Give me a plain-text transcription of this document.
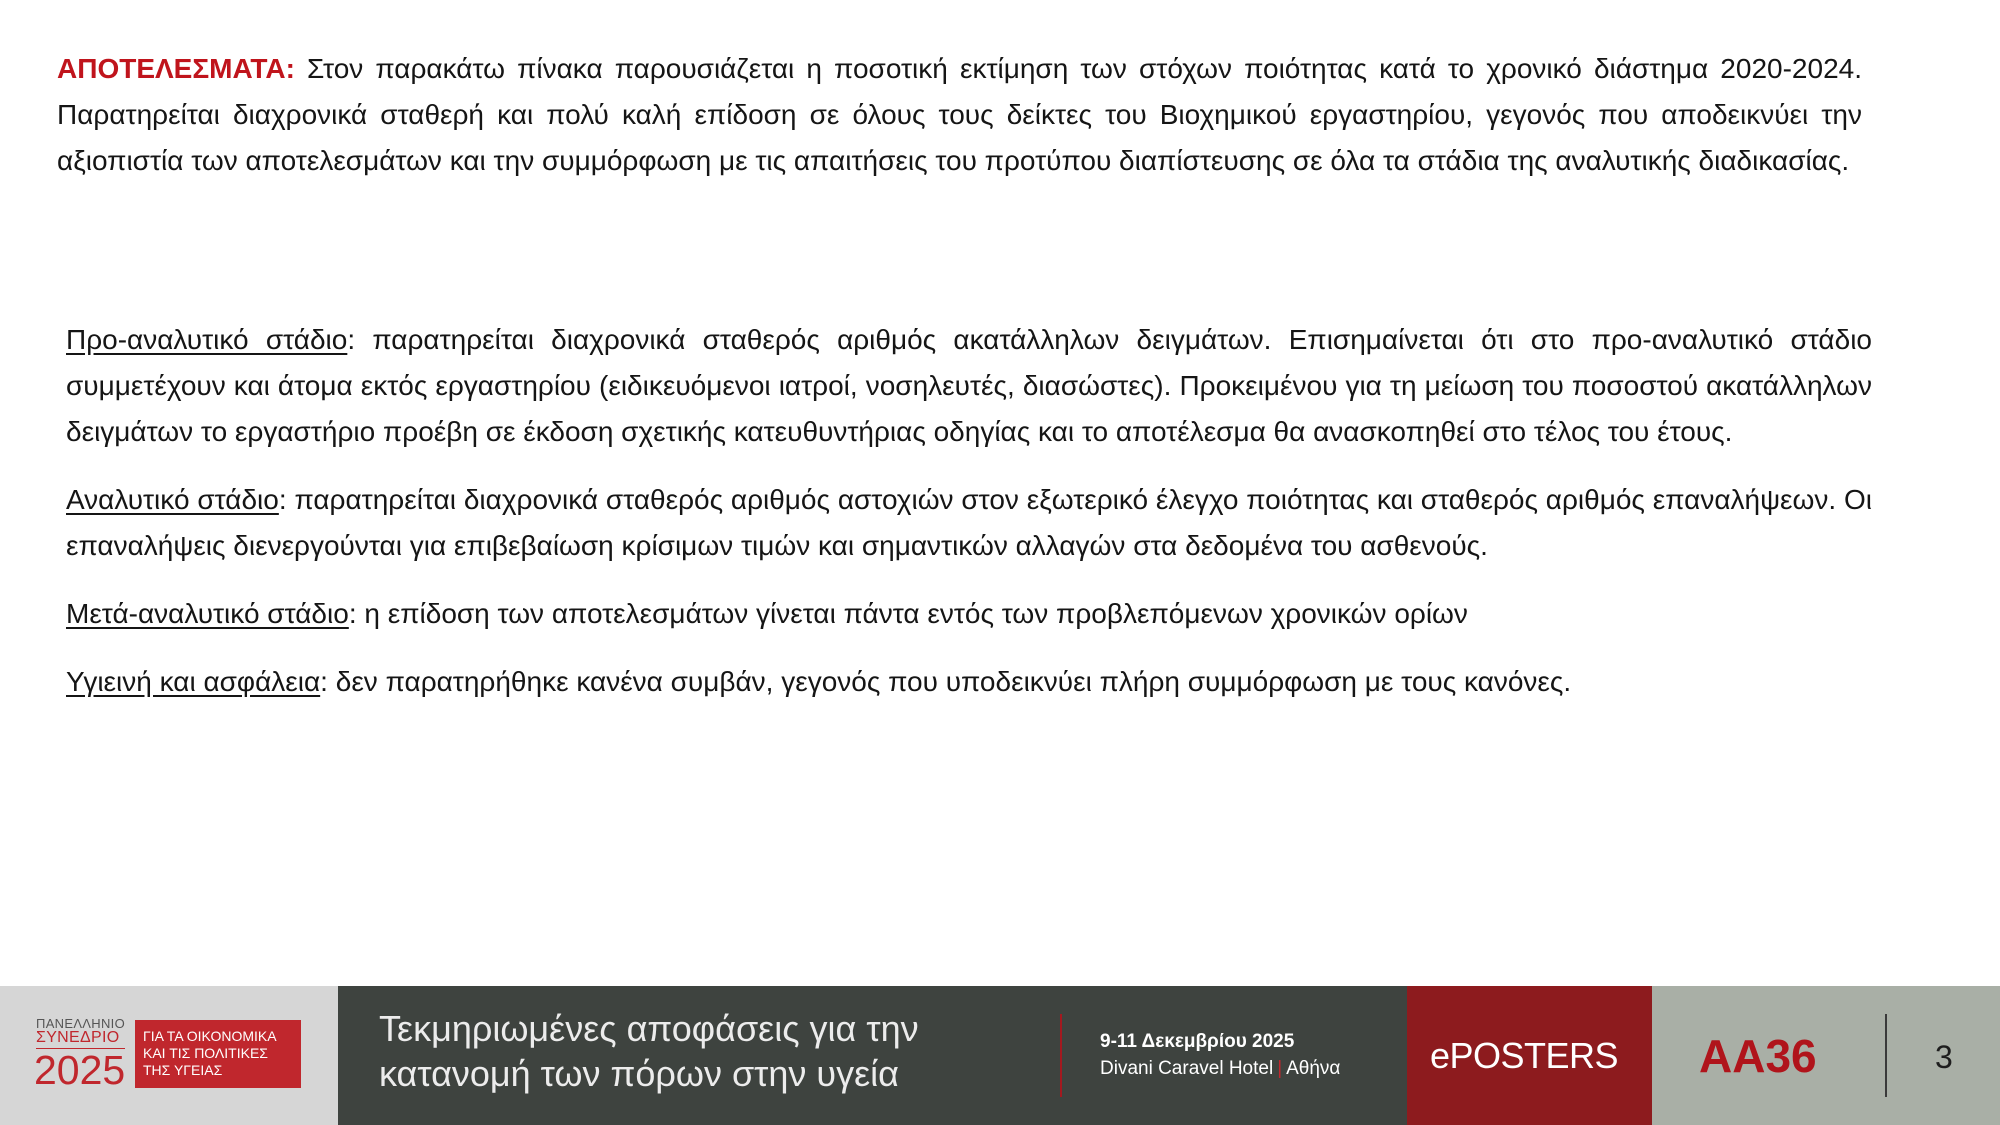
ΑΠΟΤΕΛΕΣΜΑΤΑ: Στον παρακάτω πίνακα παρουσιάζεται η ποσοτική εκτίμηση των στόχων ποιότητας κατά το χρονικό διάστημα 2020-2024. Παρατηρείται διαχρονικά σταθερή και πολύ καλή επίδοση σε όλους τους δείκτες του Βιοχημικού εργαστηρίου, γεγονός που αποδεικνύει την αξιοπιστία των αποτελεσμάτων και την συμμόρφωση με τις απαιτήσεις του προτύπου διαπίστευσης σε όλα τα στάδια της αναλυτικής διαδικασίας.

Προ-αναλυτικό στάδιο: παρατηρείται διαχρονικά σταθερός αριθμός ακατάλληλων δειγμάτων. Επισημαίνεται ότι στο προ-αναλυτικό στάδιο συμμετέχουν και άτομα εκτός εργαστηρίου (ειδικευόμενοι ιατροί, νοσηλευτές, διασώστες). Προκειμένου για τη μείωση του ποσοστού ακατάλληλων δειγμάτων το εργαστήριο προέβη σε έκδοση σχετικής κατευθυντήριας οδηγίας και το αποτέλεσμα θα ανασκοπηθεί στο τέλος του έτους.

Αναλυτικό στάδιο: παρατηρείται διαχρονικά σταθερός αριθμός αστοχιών στον εξωτερικό έλεγχο ποιότητας και σταθερός αριθμός επαναλήψεων. Οι επαναλήψεις διενεργούνται για επιβεβαίωση κρίσιμων τιμών και σημαντικών αλλαγών στα δεδομένα του ασθενούς.

Μετά-αναλυτικό στάδιο: η επίδοση των αποτελεσμάτων γίνεται πάντα εντός των προβλεπόμενων χρονικών ορίων

Υγιεινή και ασφάλεια: δεν παρατηρήθηκε κανένα συμβάν, γεγονός που υποδεικνύει πλήρη συμμόρφωση με τους κανόνες.

ΠΑΝΕΛΛΗΝΙΟ
ΣΥΝΕΔΡΙΟ
2025
ΓΙΑ ΤΑ ΟΙΚΟΝΟΜΙΚΑ
ΚΑΙ ΤΙΣ ΠΟΛΙΤΙΚΕΣ
ΤΗΣ ΥΓΕΙΑΣ
Τεκμηριωμένες αποφάσεις για την
κατανομή των πόρων στην υγεία
9-11 Δεκεμβρίου 2025
Divani Caravel Hotel | Αθήνα ePOSTERS AA36	3
